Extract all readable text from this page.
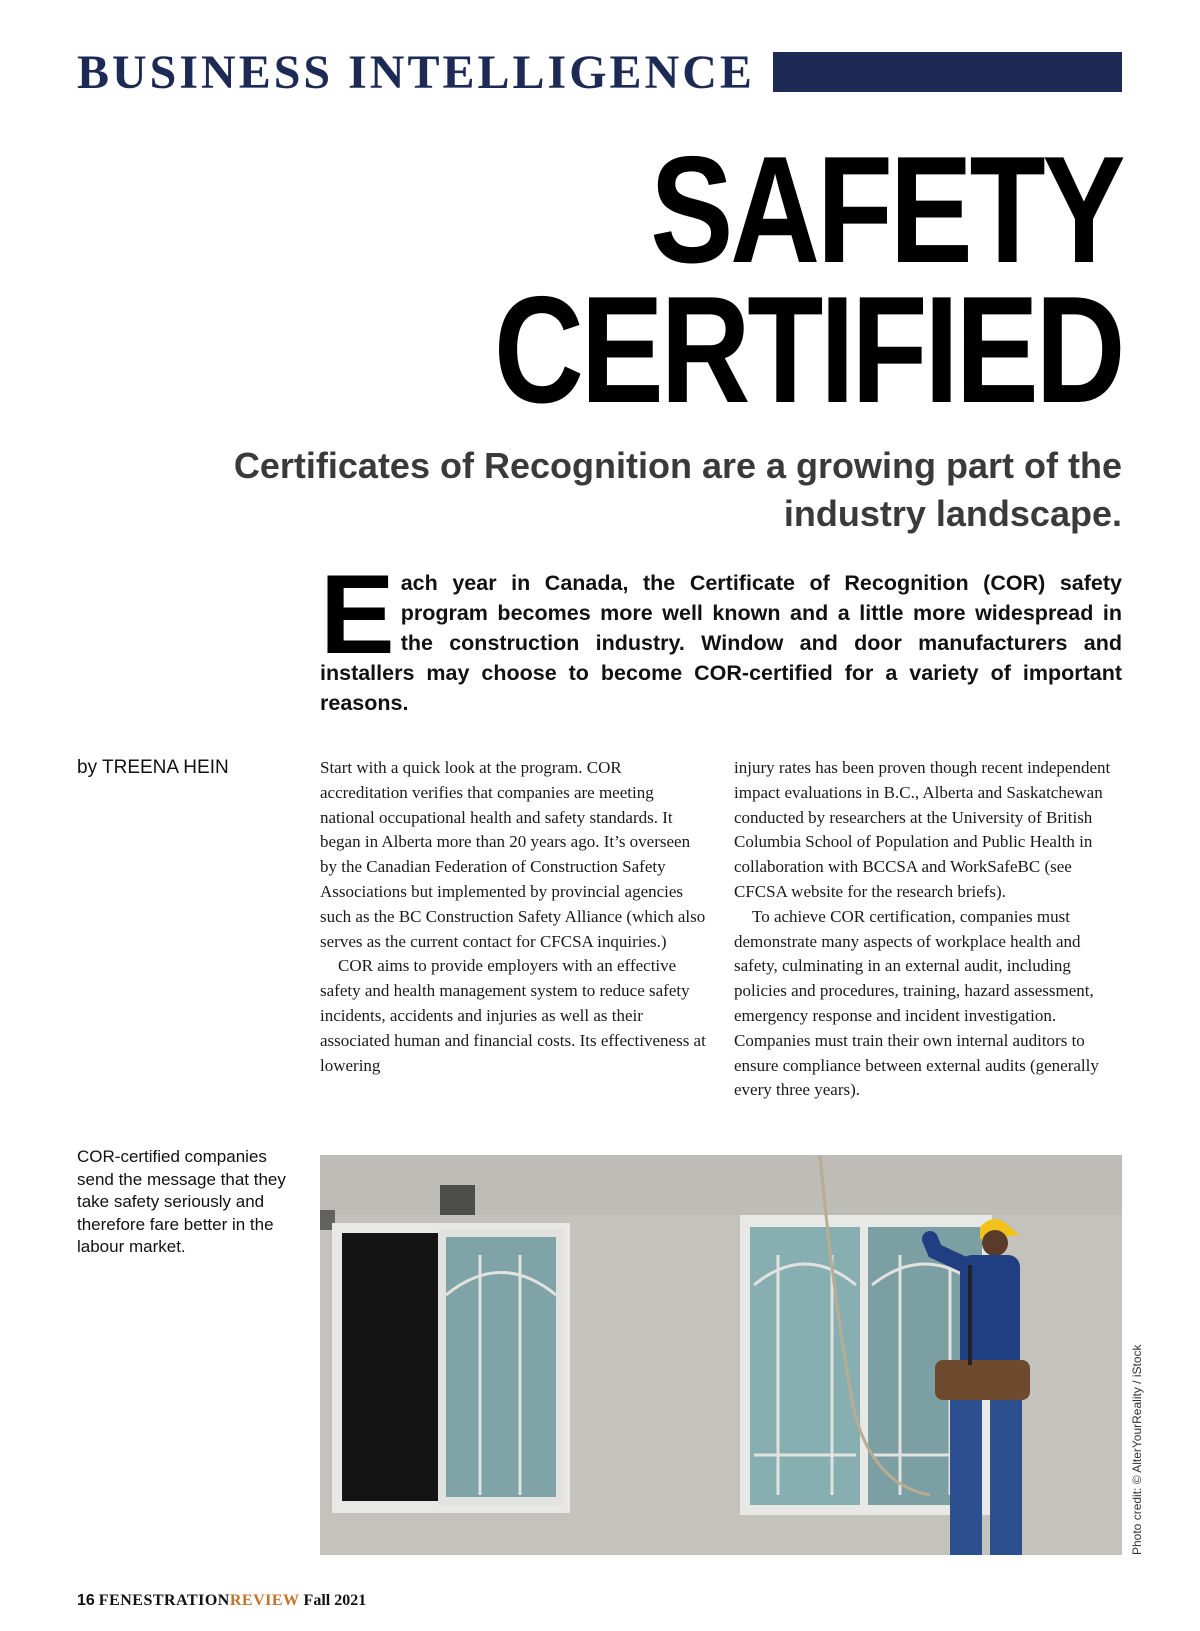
BUSINESS INTELLIGENCE
SAFETY
CERTIFIED
Certificates of Recognition are a growing part of the industry landscape.
E ach year in Canada, the Certificate of Recognition (COR) safety program becomes more well known and a little more widespread in the construction industry. Window and door manufacturers and installers may choose to become COR-certified for a variety of important reasons.
by TREENA HEIN	Start with a quick look at the program. COR accreditation verifies that companies are meeting national occupational health and safety standards. It began in Alberta more than 20 years ago. It’s overseen by the Canadian Federation of Construction Safety Associations but implemented by provincial agencies such as the BC Construction Safety Alliance (which also serves as the current contact for CFCSA inquiries.)

COR aims to provide employers with an effective safety and health management system to reduce safety incidents, accidents and injuries as well as their associated human and financial costs. Its effectiveness at lowering

injury rates has been proven though recent independent impact evaluations in B.C., Alberta and Saskatchewan conducted by researchers at the University of British Columbia School of Population and Public Health in collaboration with BCCSA and WorkSafeBC (see CFCSA website for the research briefs).

To achieve COR certification, companies must demonstrate many aspects of workplace health and safety, culminating in an external audit, including policies and procedures, training, hazard assessment, emergency response and incident investigation. Companies must train their own internal auditors to ensure compliance between external audits (generally every three years).

COR-certified companies send the message that they take safety seriously and therefore fare better in the labour market.
Photo credit: © AlterYourReality / iStock
16 FENESTRATIONREVIEW Fall 2021
